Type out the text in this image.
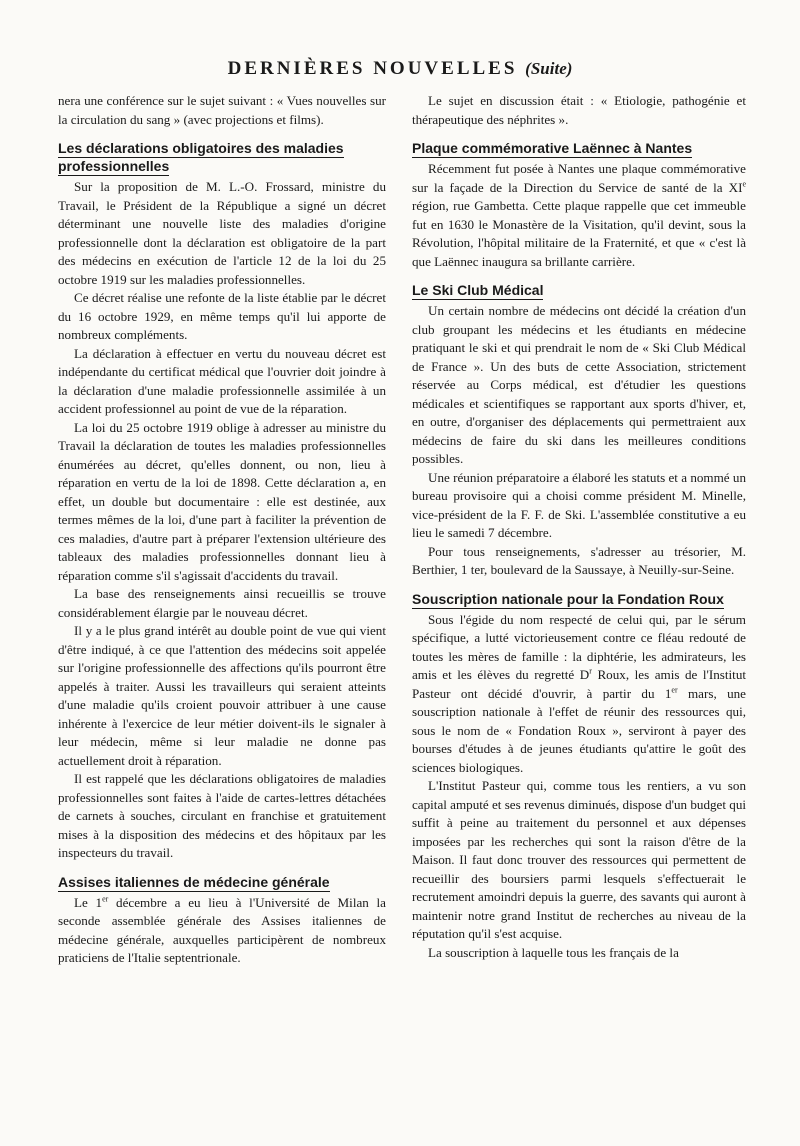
DERNIÈRES NOUVELLES (Suite)

nera une conférence sur le sujet suivant : « Vues nouvelles sur la circulation du sang » (avec projections et films).

Les déclarations obligatoires des maladies professionnelles

Sur la proposition de M. L.-O. Frossard, ministre du Travail, le Président de la République a signé un décret déterminant une nouvelle liste des maladies d'origine professionnelle dont la déclaration est obligatoire de la part des médecins en exécution de l'article 12 de la loi du 25 octobre 1919 sur les maladies professionnelles.

Ce décret réalise une refonte de la liste établie par le décret du 16 octobre 1929, en même temps qu'il lui apporte de nombreux compléments.

La déclaration à effectuer en vertu du nouveau décret est indépendante du certificat médical que l'ouvrier doit joindre à la déclaration d'une maladie professionnelle assimilée à un accident professionnel au point de vue de la réparation.

La loi du 25 octobre 1919 oblige à adresser au ministre du Travail la déclaration de toutes les maladies professionnelles énumérées au décret, qu'elles donnent, ou non, lieu à réparation en vertu de la loi de 1898. Cette déclaration a, en effet, un double but documentaire : elle est destinée, aux termes mêmes de la loi, d'une part à faciliter la prévention de ces maladies, d'autre part à préparer l'extension ultérieure des tableaux des maladies professionnelles donnant lieu à réparation comme s'il s'agissait d'accidents du travail.

La base des renseignements ainsi recueillis se trouve considérablement élargie par le nouveau décret.

Il y a le plus grand intérêt au double point de vue qui vient d'être indiqué, à ce que l'attention des médecins soit appelée sur l'origine professionnelle des affections qu'ils pourront être appelés à traiter. Aussi les travailleurs qui seraient atteints d'une maladie qu'ils croient pouvoir attribuer à une cause inhérente à l'exercice de leur métier doivent-ils le signaler à leur médecin, même si leur maladie ne donne pas actuellement droit à réparation.

Il est rappelé que les déclarations obligatoires de maladies professionnelles sont faites à l'aide de cartes-lettres détachées de carnets à souches, circulant en franchise et gratuitement mises à la disposition des médecins et des hôpitaux par les inspecteurs du travail.

Assises italiennes de médecine générale

Le 1er décembre a eu lieu à l'Université de Milan la seconde assemblée générale des Assises italiennes de médecine générale, auxquelles participèrent de nombreux praticiens de l'Italie septentrionale.

Le sujet en discussion était : « Etiologie, pathogénie et thérapeutique des néphrites ».

Plaque commémorative Laënnec à Nantes

Récemment fut posée à Nantes une plaque commémorative sur la façade de la Direction du Service de santé de la XIe région, rue Gambetta. Cette plaque rappelle que cet immeuble fut en 1630 le Monastère de la Visitation, qu'il devint, sous la Révolution, l'hôpital militaire de la Fraternité, et que « c'est là que Laënnec inaugura sa brillante carrière.

Le Ski Club Médical

Un certain nombre de médecins ont décidé la création d'un club groupant les médecins et les étudiants en médecine pratiquant le ski et qui prendrait le nom de « Ski Club Médical de France ». Un des buts de cette Association, strictement réservée au Corps médical, est d'étudier les questions médicales et scientifiques se rapportant aux sports d'hiver, et, en outre, d'organiser des déplacements qui permettraient aux médecins de faire du ski dans les meilleures conditions possibles.

Une réunion préparatoire a élaboré les statuts et a nommé un bureau provisoire qui a choisi comme président M. Minelle, vice-président de la F. F. de Ski. L'assemblée constitutive a eu lieu le samedi 7 décembre.

Pour tous renseignements, s'adresser au trésorier, M. Berthier, 1 ter, boulevard de la Saussaye, à Neuilly-sur-Seine.

Souscription nationale pour la Fondation Roux

Sous l'égide du nom respecté de celui qui, par le sérum spécifique, a lutté victorieusement contre ce fléau redouté de toutes les mères de famille : la diphtérie, les admirateurs, les amis et les élèves du regretté $D^r$ Roux, les amis de l'Institut Pasteur ont décidé d'ouvrir, à partir du 1er mars, une souscription nationale à l'effet de réunir des ressources qui, sous le nom de « Fondation Roux », serviront à payer des bourses d'études à de jeunes étudiants qu'attire le goût des sciences biologiques.

L'Institut Pasteur qui, comme tous les rentiers, a vu son capital amputé et ses revenus diminués, dispose d'un budget qui suffit à peine au traitement du personnel et aux dépenses imposées par les recherches qui sont la raison d'être de la Maison. Il faut donc trouver des ressources qui permettent de recueillir des boursiers parmi lesquels s'effectuerait le recrutement amoindri depuis la guerre, des savants qui auront à maintenir notre grand Institut de recherches au niveau de la réputation qu'il s'est acquise.

La souscription à laquelle tous les français de la
